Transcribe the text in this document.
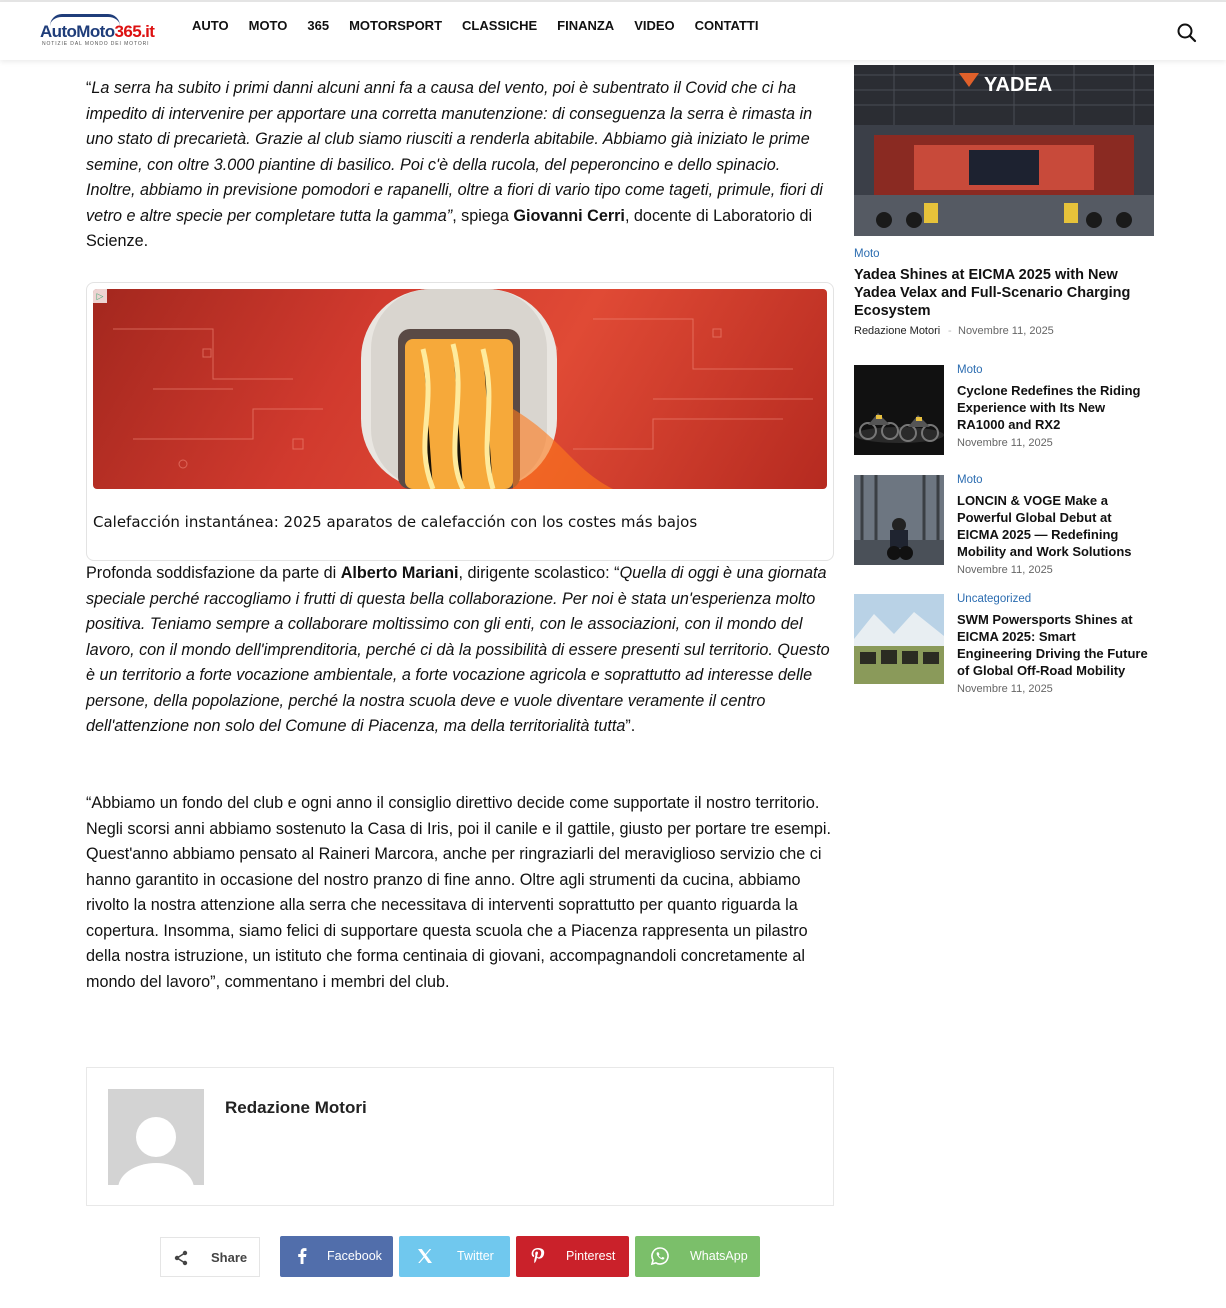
AutoMoto365.it
NOTIZIE DAL MONDO DEI MOTORI
AUTO MOTO 365 MOTORSPORT CLASSICHE FINANZA VIDEO CONTATTI

“La serra ha subito i primi danni alcuni anni fa a causa del vento, poi è subentrato il Covid che ci ha impedito di intervenire per apportare una corretta manutenzione: di conseguenza la serra è rimasta in uno stato di precarietà. Grazie al club siamo riusciti a renderla abitabile. Abbiamo già iniziato le prime semine, con oltre 3.000 piantine di basilico. Poi c'è della rucola, del peperoncino e dello spinacio. Inoltre, abbiamo in previsione pomodori e rapanelli, oltre a fiori di vario tipo come tageti, primule, fiori di vetro e altre specie per completare tutta la gamma”, spiega Giovanni Cerri, docente di Laboratorio di Scienze.

▷
Calefacción instantánea: 2025 aparatos de calefacción con los costes más bajos

Profonda soddisfazione da parte di Alberto Mariani, dirigente scolastico: “Quella di oggi è una giornata speciale perché raccogliamo i frutti di questa bella collaborazione. Per noi è stata un'esperienza molto positiva. Teniamo sempre a collaborare moltissimo con gli enti, con le associazioni, con il mondo del lavoro, con il mondo dell'imprenditoria, perché ci dà la possibilità di essere presenti sul territorio. Questo è un territorio a forte vocazione ambientale, a forte vocazione agricola e soprattutto ad interesse delle persone, della popolazione, perché la nostra scuola deve e vuole diventare veramente il centro dell'attenzione non solo del Comune di Piacenza, ma della territorialità tutta”.

“Abbiamo un fondo del club e ogni anno il consiglio direttivo decide come supportate il nostro territorio. Negli scorsi anni abbiamo sostenuto la Casa di Iris, poi il canile e il gattile, giusto per portare tre esempi. Quest'anno abbiamo pensato al Raineri Marcora, anche per ringraziarli del meraviglioso servizio che ci hanno garantito in occasione del nostro pranzo di fine anno. Oltre agli strumenti da cucina, abbiamo rivolto la nostra attenzione alla serra che necessitava di interventi soprattutto per quanto riguarda la copertura. Insomma, siamo felici di supportare questa scuola che a Piacenza rappresenta un pilastro della nostra istruzione, un istituto che forma centinaia di giovani, accompagnandoli concretamente al mondo del lavoro”, commentano i membri del club.

Redazione Motori
Share	Facebook	Twitter	Pinterest	WhatsApp
YADEA
Moto
Yadea Shines at EICMA 2025 with New Yadea Velax and Full-Scenario Charging Ecosystem
Redazione Motori - Novembre 11, 2025
Moto
Cyclone Redefines the Riding Experience with Its New RA1000 and RX2
Novembre 11, 2025
Moto
LONCIN & VOGE Make a Powerful Global Debut at EICMA 2025 — Redefining Mobility and Work Solutions
Novembre 11, 2025
Uncategorized
SWM Powersports Shines at EICMA 2025: Smart Engineering Driving the Future of Global Off-Road Mobility
Novembre 11, 2025
